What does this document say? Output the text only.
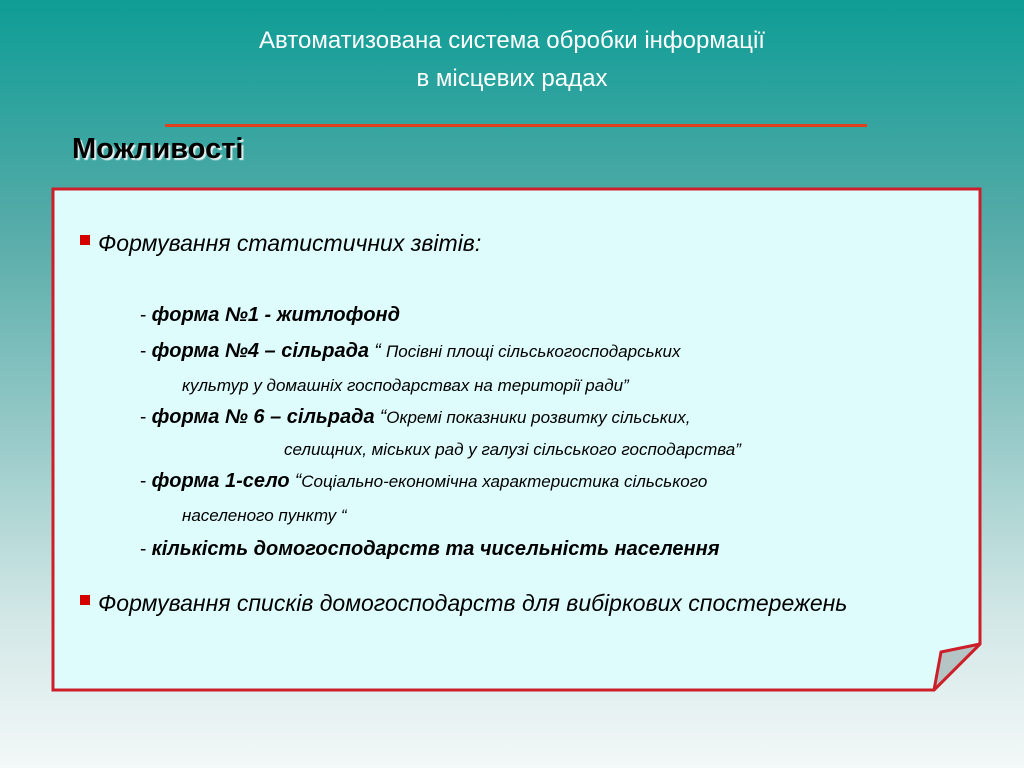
Автоматизована система обробки інформації
в місцевих радах
Можливості

Формування статистичних звітів:

- форма №1 - житлофонд
- форма №4 – сільрада “ Посівні площі сільськогосподарських
культур у домашніх господарствах на території ради”
- форма № 6 – сільрада “Окремі показники розвитку сільських,
селищних, міських рад у галузі сільського господарства”
- форма 1-село “Соціально-економічна характеристика сільського
населеного пункту “
- кількість домогосподарств та чисельність населення

Формування списків домогосподарств для вибіркових спостережень
